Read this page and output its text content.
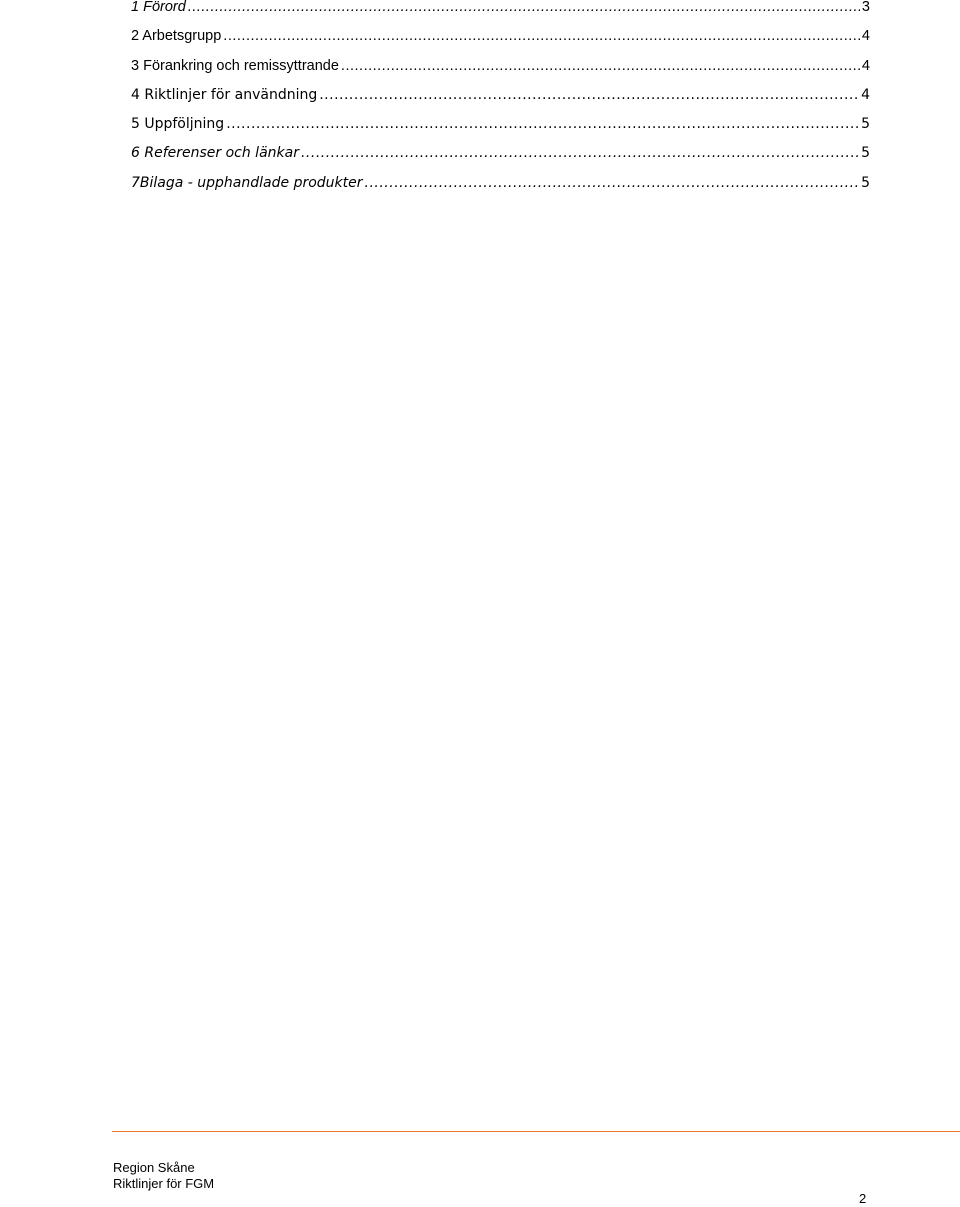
1 Förord .....	3
2 Arbetsgrupp .....	4
3 Förankring och remissyttrande .....	4
4 Riktlinjer för användning .....	4
5 Uppföljning .....	5
6 Referenser och länkar .....	5
7Bilaga - upphandlade produkter .....	5
Region Skåne
Riktlinjer för FGM
2
